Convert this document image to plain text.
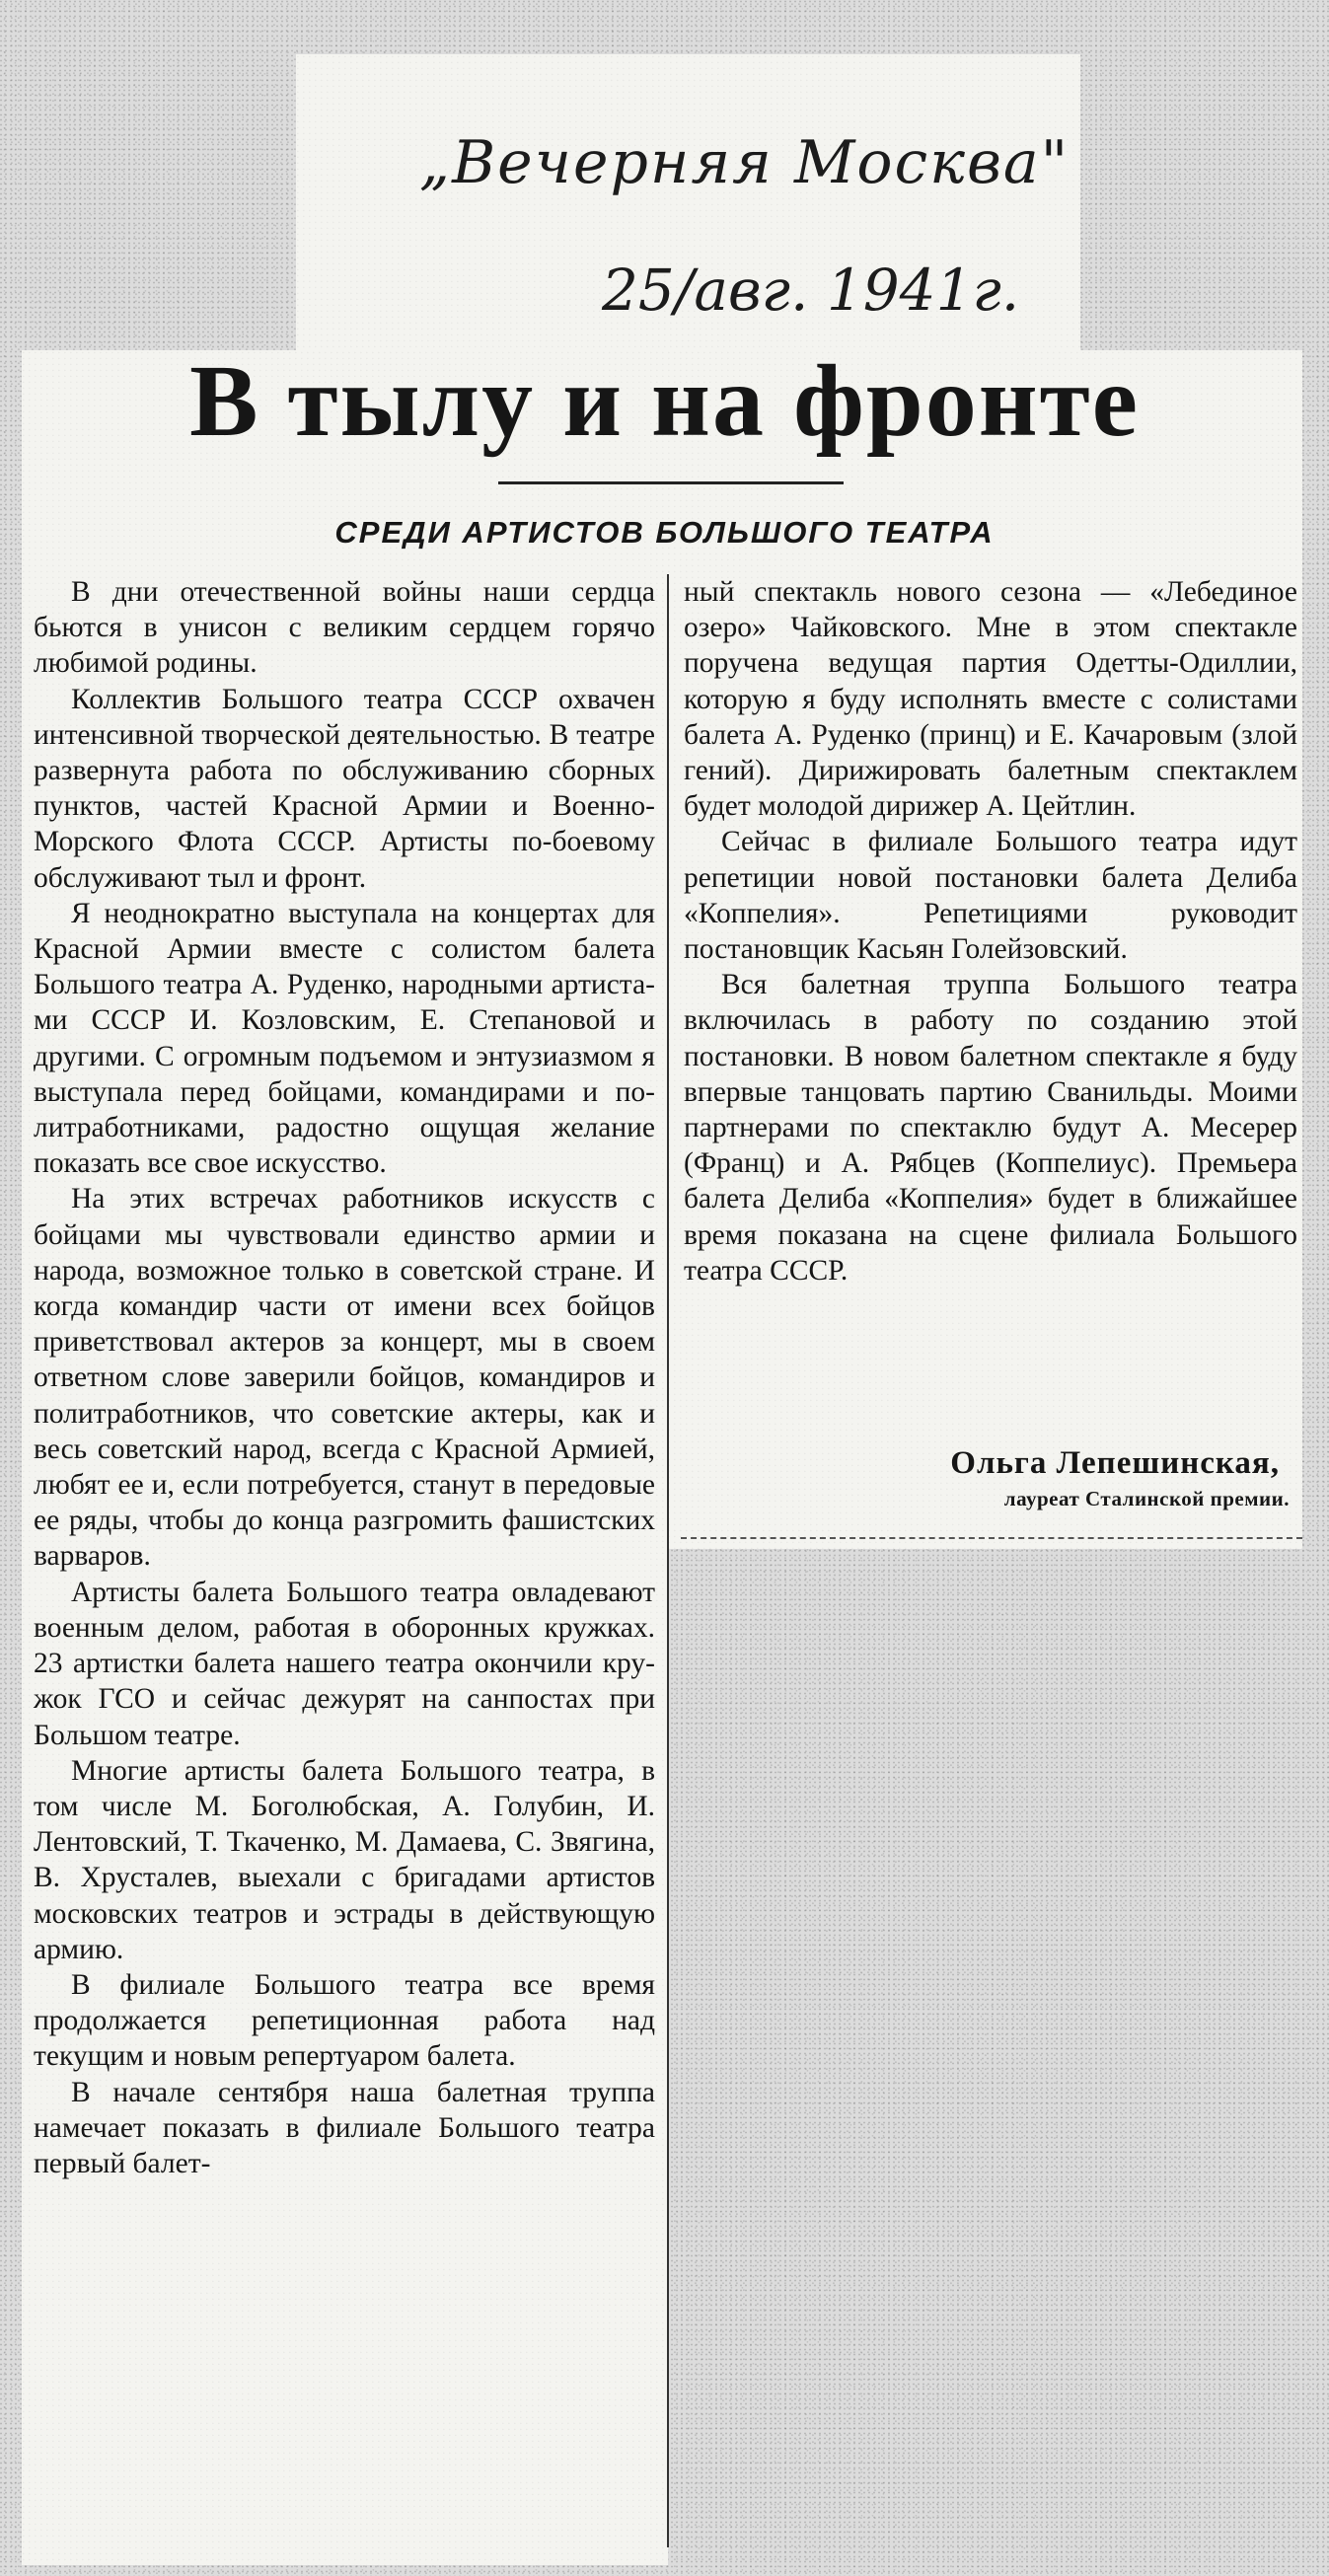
„Вечерняя Москва"
25/авг. 1941г.
В тылу и на фронте
СРЕДИ АРТИСТОВ БОЛЬШОГО ТЕАТРА

В дни отечественной войны наши сердца бьются в унисон с великим сердцем горячо любимой родины.

Коллектив Большого театра СССР охвачен интенсивной творческой деятельностью. В театре развернута работа по обслуживанию сборных пунктов, частей Красной Армии и Военно-Морского Флота СССР. Артисты по-боевому обслуживают тыл и фронт.

Я неоднократно выступала на концертах для Красной Армии вместе с солистом балета Большого театра А. Руденко, народными артистами СССР И. Козловским, Е. Степановой и другими. С огромным подъемом и энтузиазмом я выступала перед бойцами, командирами и политработниками, радостно ощущая желание показать все свое искусство.

На этих встречах работников искусств с бойцами мы чувствовали единство армии и народа, возможное только в советской стране. И когда командир части от имени всех бойцов приветствовал актеров за концерт, мы в своем ответном слове заверили бойцов, командиров и политработников, что советские актеры, как и весь советский народ, всегда с Красной Армией, любят ее и, если потребуется, станут в передовые ее ряды, чтобы до конца разгромить фашистских варваров.

Артисты балета Большого театра овладевают военным делом, работая в оборонных кружках. 23 артистки балета нашего театра окончили кружок ГСО и сейчас дежурят на санпостах при Большом театре.

Многие артисты балета Большого театра, в том числе М. Боголюбская, А. Голубин, И. Лентовский, Т. Ткаченко, М. Дамаева, С. Звягина, В. Хрусталев, выехали с бригадами артистов московских театров и эстрады в действующую армию.

В филиале Большого театра все время продолжается репетиционная работа над текущим и новым репертуаром балета.

В начале сентября наша балетная труппа намечает показать в филиале Большого театра первый балет-

ный спектакль нового сезона — «Лебединое озеро» Чайковского. Мне в этом спектакле поручена ведущая партия Одетты-Одиллии, которую я буду исполнять вместе с солистами балета А. Руденко (принц) и Е. Качаровым (злой гений). Дирижировать балетным спектаклем будет молодой дирижер А. Цейтлин.

Сейчас в филиале Большого театра идут репетиции новой постановки балета Делиба «Коппелия». Репетициями руководит постановщик Касьян Голейзовский.

Вся балетная труппа Большого театра включилась в работу по созданию этой постановки. В новом балетном спектакле я буду впервые танцовать партию Сванильды. Моими партнерами по спектаклю будут А. Месерер (Франц) и А. Рябцев (Коппелиус). Премьера балета Делиба «Коппелия» будет в ближайшее время показана на сцене филиала Большого театра СССР.

Ольга Лепешинская,
лауреат Сталинской премии.
